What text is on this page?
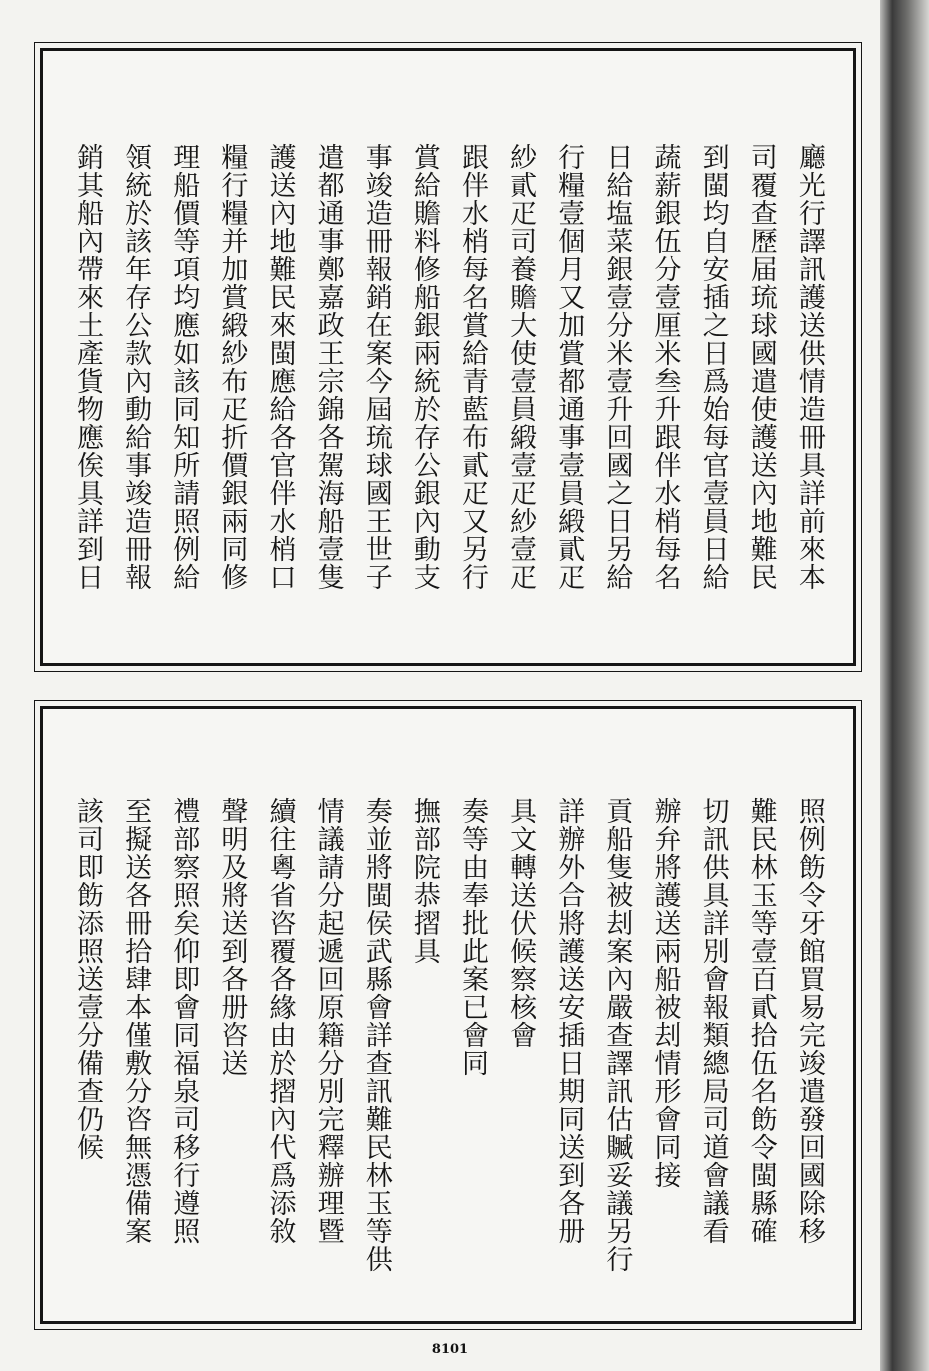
廳光行譯訊護送供情造冊具詳前來本
司覆查歷届琉球國遣使護送內地難民
到閩均自安插之日爲始每官壹員日給
蔬薪銀伍分壹厘米叁升跟伴水梢每名
日給塩菜銀壹分米壹升回國之日另給
行糧壹個月又加賞都通事壹員緞貳疋
紗貳疋司養贍大使壹員緞壹疋紗壹疋
跟伴水梢每名賞給青藍布貳疋又另行
賞給贍料修船銀兩統於存公銀內動支
事竣造冊報銷在案今屆琉球國王世子
遣都通事鄭嘉政王宗錦各駕海船壹隻
護送內地難民來閩應給各官伴水梢口
糧行糧并加賞緞紗布疋折價銀兩同修
理船價等項均應如該同知所請照例給
領統於該年存公款內動給事竣造冊報
銷其船內帶來土產貨物應俟具詳到日
照例飭令牙館買易完竣遣發回國除移
難民林玉等壹百貳拾伍名飭令閩縣確
切訊供具詳別會報類總局司道會議看
辦弁將護送兩船被刦情形會同接
貢船隻被刦案內嚴查譯訊估贓妥議另行
詳辦外合將護送安插日期同送到各册
具文轉送伏候察核會
奏等由奉批此案已會同
撫部院恭摺具
奏並將閩侯武縣會詳查訊難民林玉等供
情議請分起遞回原籍分別完釋辦理暨
續往粵省咨覆各緣由於摺內代爲添敘
聲明及將送到各册咨送
禮部察照矣仰即會同福泉司移行遵照
至擬送各冊拾肆本僅敷分咨無憑備案
該司即飭添照送壹分備查仍候
8101
